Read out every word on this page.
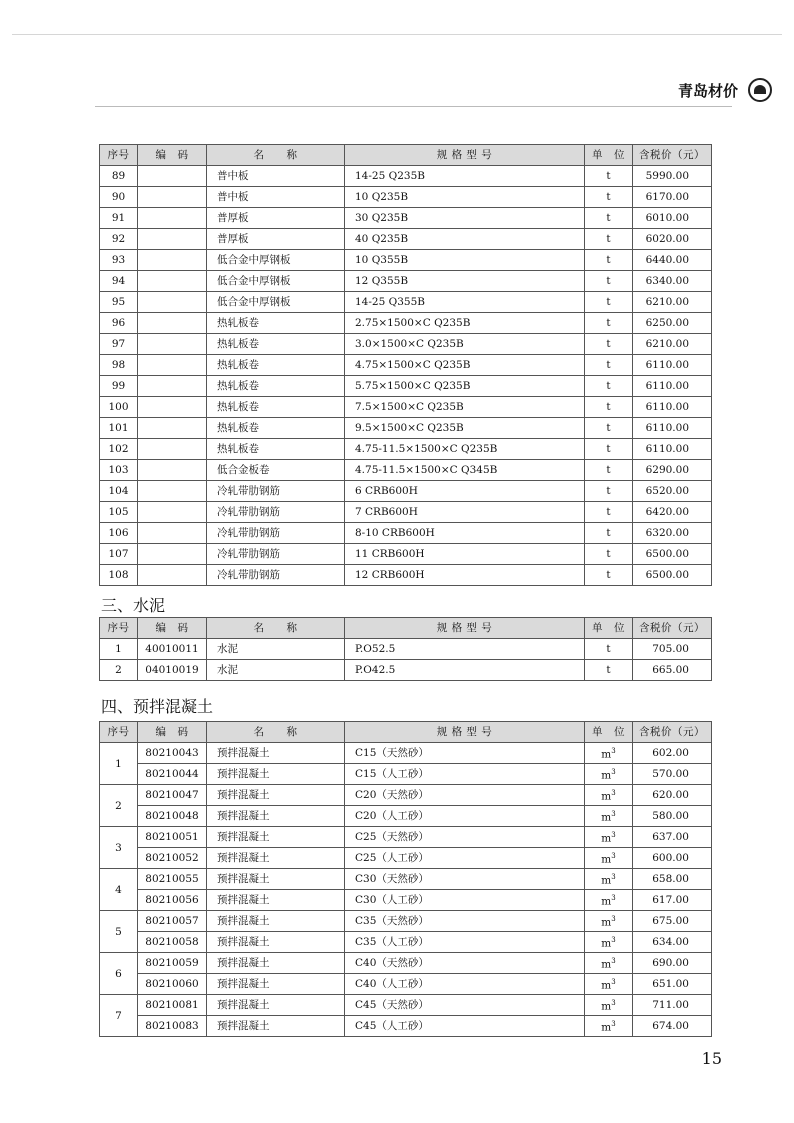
青岛材价
序号	编　码	名　　称	规 格 型 号	单　位	含税价（元）
89		普中板	14-25 Q235B	t	5990.00
90		普中板	10 Q235B	t	6170.00
91		普厚板	30 Q235B	t	6010.00
92		普厚板	40 Q235B	t	6020.00
93		低合金中厚钢板	10 Q355B	t	6440.00
94		低合金中厚钢板	12 Q355B	t	6340.00
95		低合金中厚钢板	14-25 Q355B	t	6210.00
96		热轧板卷	2.75×1500×C Q235B	t	6250.00
97		热轧板卷	3.0×1500×C Q235B	t	6210.00
98		热轧板卷	4.75×1500×C Q235B	t	6110.00
99		热轧板卷	5.75×1500×C Q235B	t	6110.00
100		热轧板卷	7.5×1500×C Q235B	t	6110.00
101		热轧板卷	9.5×1500×C Q235B	t	6110.00
102		热轧板卷	4.75-11.5×1500×C Q235B	t	6110.00
103		低合金板卷	4.75-11.5×1500×C Q345B	t	6290.00
104		冷轧带肋钢筋	6 CRB600H	t	6520.00
105		冷轧带肋钢筋	7 CRB600H	t	6420.00
106		冷轧带肋钢筋	8-10 CRB600H	t	6320.00
107		冷轧带肋钢筋	11 CRB600H	t	6500.00
108		冷轧带肋钢筋	12 CRB600H	t	6500.00
三、水泥
序号	编　码	名　　称	规 格 型 号	单　位	含税价（元）
1	40010011	水泥	P.O52.5	t	705.00
2	04010019	水泥	P.O42.5	t	665.00
四、预拌混凝土
序号	编　码	名　　称	规 格 型 号	单　位	含税价（元）
1	80210043	预拌混凝土	C15（天然砂）	$m^3$	602.00
	80210044	预拌混凝土	C15（人工砂）	$m^3$	570.00
2	80210047	预拌混凝土	C20（天然砂）	$m^3$	620.00
	80210048	预拌混凝土	C20（人工砂）	$m^3$	580.00
3	80210051	预拌混凝土	C25（天然砂）	$m^3$	637.00
	80210052	预拌混凝土	C25（人工砂）	$m^3$	600.00
4	80210055	预拌混凝土	C30（天然砂）	$m^3$	658.00
	80210056	预拌混凝土	C30（人工砂）	$m^3$	617.00
5	80210057	预拌混凝土	C35（天然砂）	$m^3$	675.00
	80210058	预拌混凝土	C35（人工砂）	$m^3$	634.00
6	80210059	预拌混凝土	C40（天然砂）	$m^3$	690.00
	80210060	预拌混凝土	C40（人工砂）	$m^3$	651.00
7	80210081	预拌混凝土	C45（天然砂）	$m^3$	711.00
	80210083	预拌混凝土	C45（人工砂）	$m^3$	674.00
15
